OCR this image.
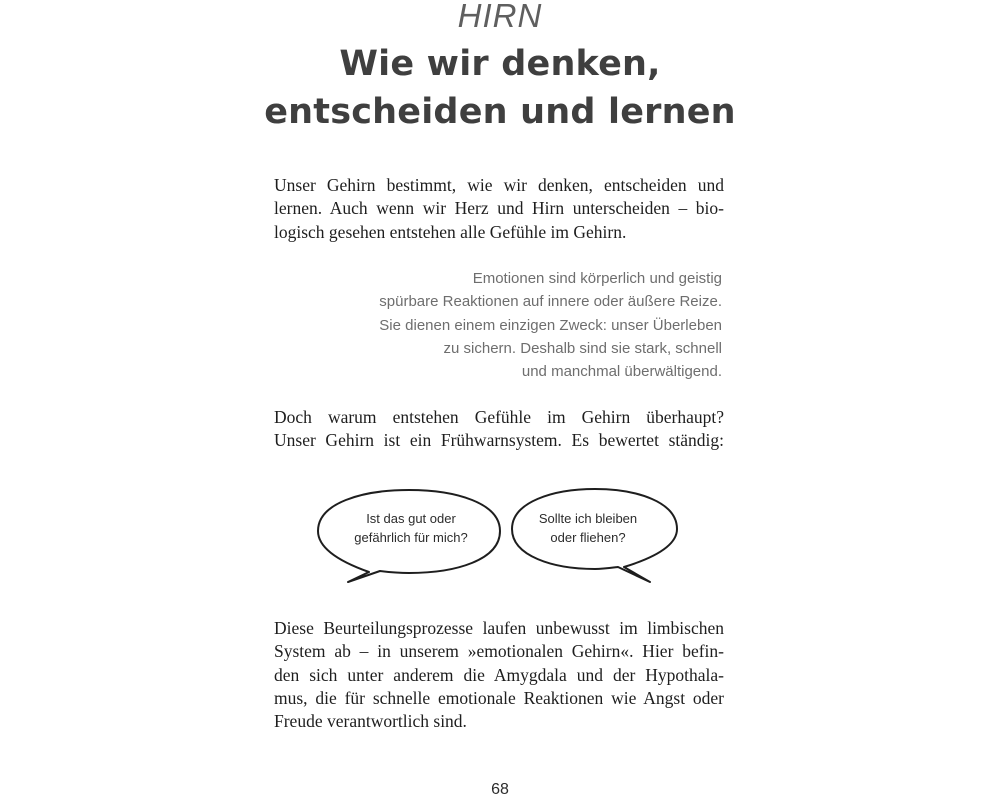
HIRN
Wie wir denken,
entscheiden und lernen
Unser Gehirn bestimmt, wie wir denken, entscheiden und
lernen. Auch wenn wir Herz und Hirn unterscheiden – bio-
logisch gesehen entstehen alle Gefühle im Gehirn.
Emotionen sind körperlich und geistig
spürbare Reaktionen auf innere oder äußere Reize.
Sie dienen einem einzigen Zweck: unser Überleben
zu sichern. Deshalb sind sie stark, schnell
und manchmal überwältigend.
Doch warum entstehen Gefühle im Gehirn überhaupt?
Unser Gehirn ist ein Frühwarnsystem. Es bewertet ständig:
Ist das gut oder
gefährlich für mich?
Sollte ich bleiben
oder fliehen?
Diese Beurteilungsprozesse laufen unbewusst im limbischen
System ab – in unserem »emotionalen Gehirn«. Hier befin-
den sich unter anderem die Amygdala und der Hypothala-
mus, die für schnelle emotionale Reaktionen wie Angst oder
Freude verantwortlich sind.
68
